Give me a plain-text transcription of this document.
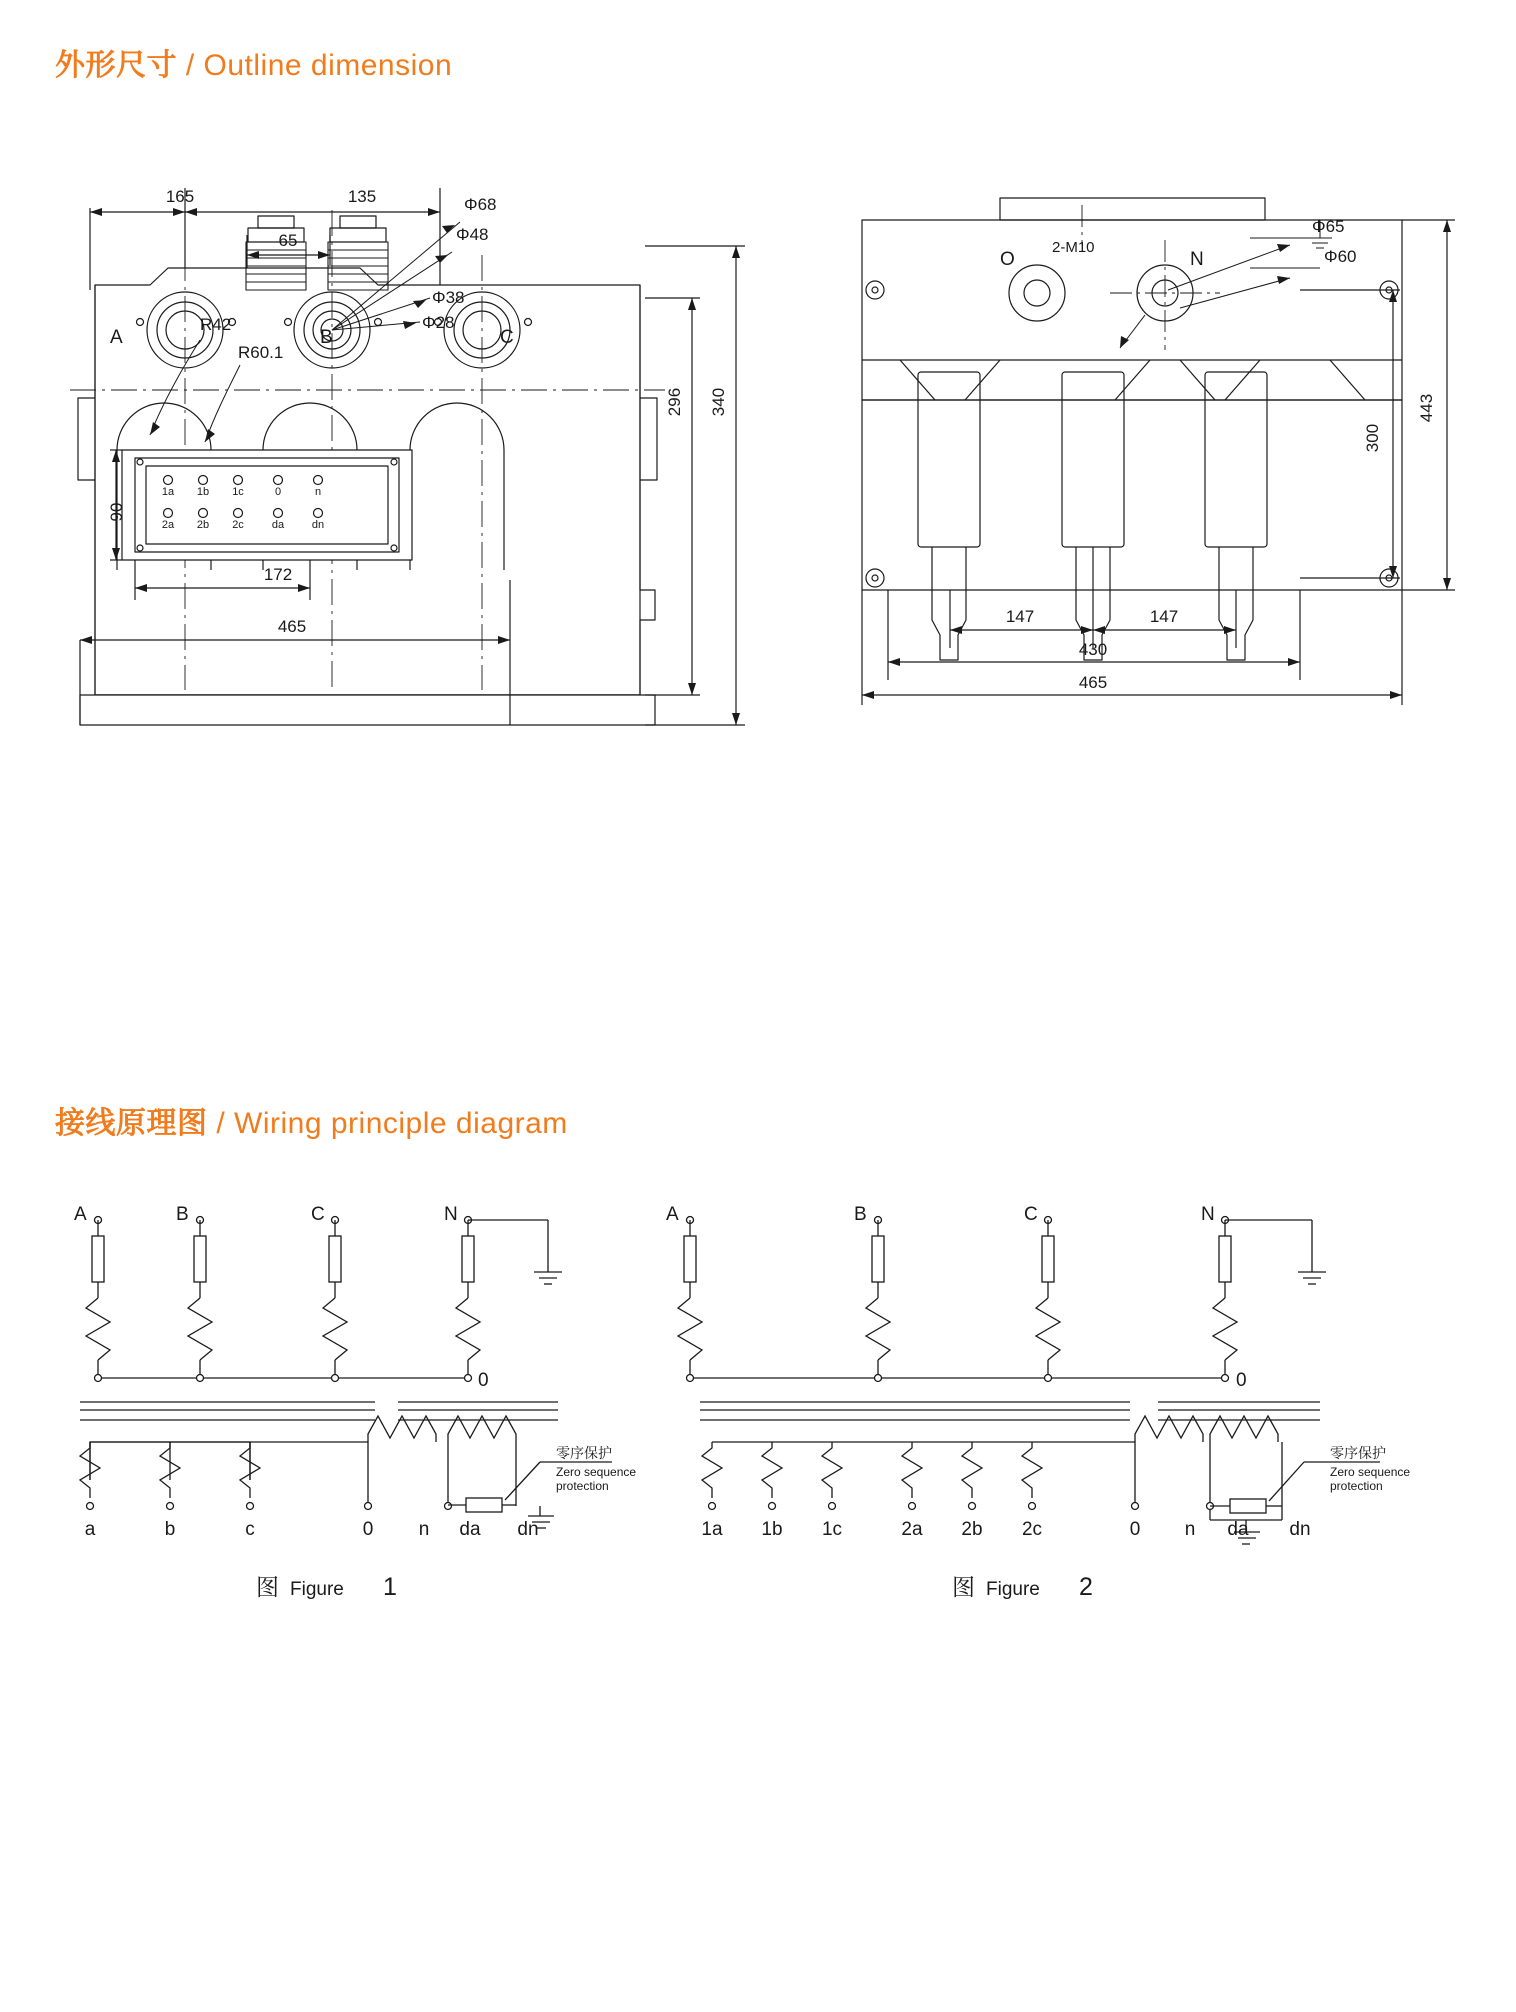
外形尺寸 / Outline dimension
165	135
65
172
465
90
296 340
Φ68
Φ48
Φ38
Φ28
R42
R60.1
A	B	C
1a 1b 1c	0	n
2a 2b 2c	da	dn
Φ65
Φ60
2-M10
O	N
443
300
147	147
430
465
接线原理图 / Wiring principle diagram
A	B	C	N
0
a	b	c	0 n da dn
零序保护
Zero sequence
protection
图 Figure 1
A	B	C	N
0
1a 1b 1c	2a 2b 2c	0 n da dn
零序保护
Zero sequence
protection
图 Figure 2
